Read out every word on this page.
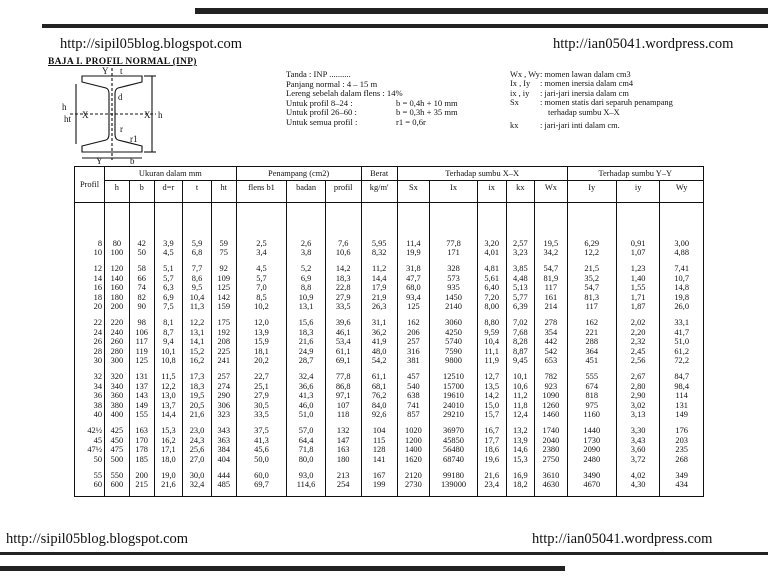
http://sipil05blog.blogspot.com	http://ian05041.wordpress.com
http://sipil05blog.blogspot.com	http://ian05041.wordpress.com
BAJA I. PROFIL NORMAL (INP)
Y t
d
h
X	X h
ht
r
r1
Y	b
Tanda : INP ..........
Panjang normal : 4 – 15 m
Lereng sebelah dalam flens : 14%
Untuk profil 8–24 :	b = 0,4h + 10 mm
Untuk profil 26–60 :	b = 0,3h + 35 mm
Untuk semua profil :	r1 = 0,6r
Wx , Wy: momen lawan dalam cm3
Ix , Iy : momen inersia dalam cm4
ix , iy : jari-jari inersia dalam cm
Sx	: momen statis dari separuh penampang
terhadap sumbu X–X
kx	: jari-jari inti dalam cm.
Profil	Ukuran dalam mm					Penampang (cm2)			Berat	Terhadap sumbu X–X					Terhadap sumbu Y–Y		
	h	b	d=r	t	ht	flens b1	badan	profil	kg/m'	Sx	Ix	ix	kx	Wx	Iy	iy	Wy

8	80	42	3,9	5,9	59	2,5	2,6	7,6	5,95	11,4	77,8	3,20	2,57	19,5	6,29	0,91	3,00
10	100	50	4,5	6,8	75	3,4	3,8	10,6	8,32	19,9	171	4,01	3,23	34,2	12,2	1,07	4,88

12	120	58	5,1	7,7	92	4,5	5,2	14,2	11,2	31,8	328	4,81	3,85	54,7	21,5	1,23	7,41
14	140	66	5,7	8,6	109	5,7	6,9	18,3	14,4	47,7	573	5,61	4,48	81,9	35,2	1,40	10,7
16	160	74	6,3	9,5	125	7,0	8,8	22,8	17,9	68,0	935	6,40	5,13	117	54,7	1,55	14,8
18	180	82	6,9	10,4	142	8,5	10,9	27,9	21,9	93,4	1450	7,20	5,77	161	81,3	1,71	19,8
20	200	90	7,5	11,3	159	10,2	13,1	33,5	26,3	125	2140	8,00	6,39	214	117	1,87	26,0

22	220	98	8,1	12,2	175	12,0	15,6	39,6	31,1	162	3060	8,80	7,02	278	162	2,02	33,1
24	240	106	8,7	13,1	192	13,9	18,3	46,1	36,2	206	4250	9,59	7,68	354	221	2,20	41,7
26	260	117	9,4	14,1	208	15,9	21,6	53,4	41,9	257	5740	10,4	8,28	442	288	2,32	51,0
28	280	119	10,1	15,2	225	18,1	24,9	61,1	48,0	316	7590	11,1	8,87	542	364	2,45	61,2
30	300	125	10,8	16,2	241	20,2	28,7	69,1	54,2	381	9800	11,9	9,45	653	451	2,56	72,2

32	320	131	11,5	17,3	257	22,7	32,4	77,8	61,1	457	12510	12,7	10,1	782	555	2,67	84,7
34	340	137	12,2	18,3	274	25,1	36,6	86,8	68,1	540	15700	13,5	10,6	923	674	2,80	98,4
36	360	143	13,0	19,5	290	27,9	41,3	97,1	76,2	638	19610	14,2	11,2	1090	818	2,90	114
38	380	149	13,7	20,5	306	30,5	46,0	107	84,0	741	24010	15,0	11,8	1260	975	3,02	131
40	400	155	14,4	21,6	323	33,5	51,0	118	92,6	857	29210	15,7	12,4	1460	1160	3,13	149

42½	425	163	15,3	23,0	343	37,5	57,0	132	104	1020	36970	16,7	13,2	1740	1440	3,30	176
45	450	170	16,2	24,3	363	41,3	64,4	147	115	1200	45850	17,7	13,9	2040	1730	3,43	203
47½	475	178	17,1	25,6	384	45,6	71,8	163	128	1400	56480	18,6	14,6	2380	2090	3,60	235
50	500	185	18,0	27,0	404	50,0	80,0	180	141	1620	68740	19,6	15,3	2750	2480	3,72	268

55	550	200	19,0	30,0	444	60,0	93,0	213	167	2120	99180	21,6	16,9	3610	3490	4,02	349
60	600	215	21,6	32,4	485	69,7	114,6	254	199	2730	139000	23,4	18,2	4630	4670	4,30	434
